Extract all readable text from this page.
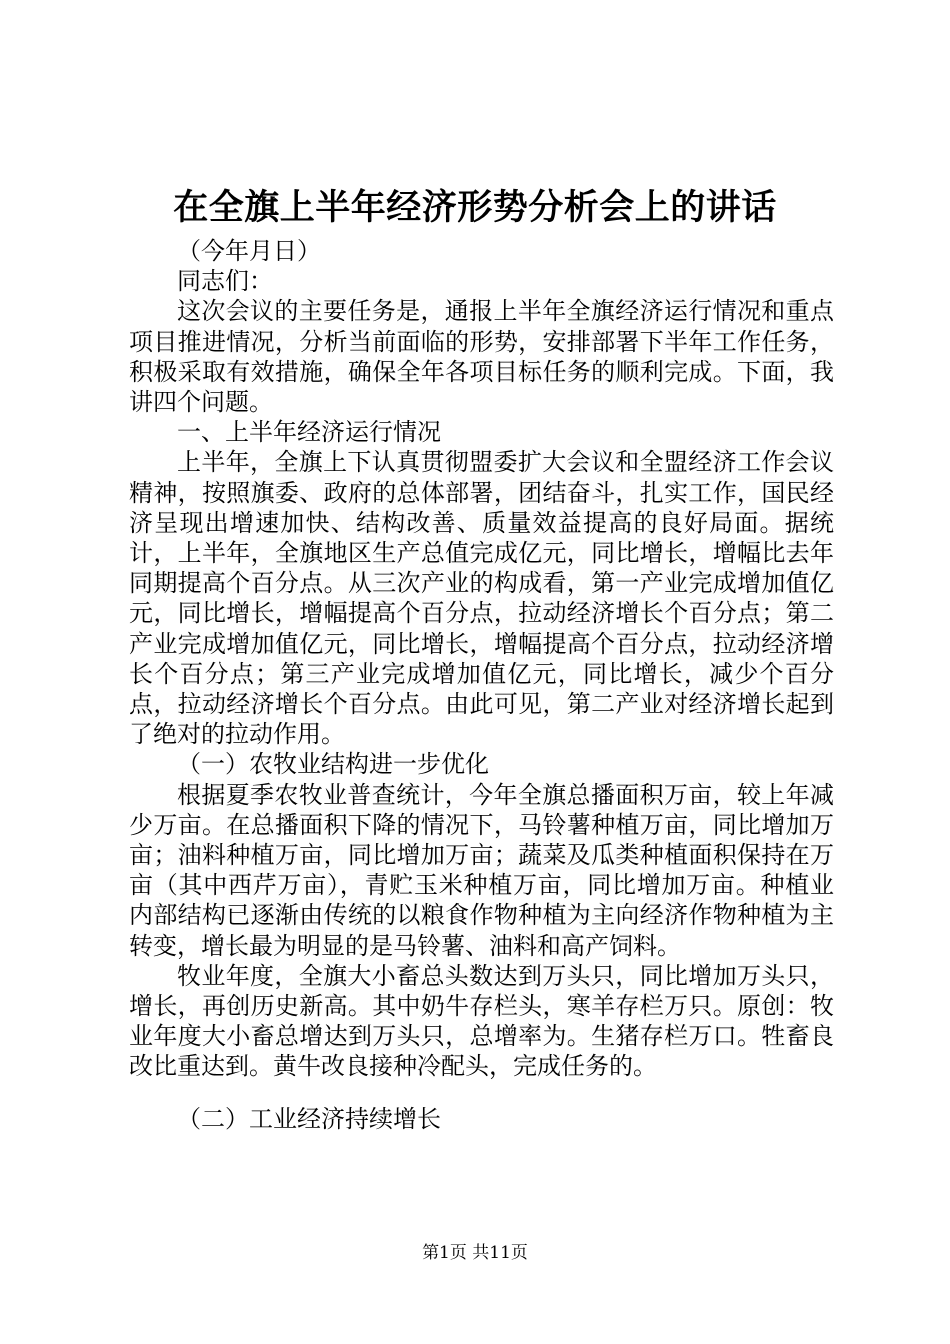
在全旗上半年经济形势分析会上的讲话

（今年月日）

同志们：

这次会议的主要任务是，通报上半年全旗经济运行情况和重点项目推进情况，分析当前面临的形势，安排部署下半年工作任务，积极采取有效措施，确保全年各项目标任务的顺利完成。下面，我讲四个问题。

一、上半年经济运行情况

上半年，全旗上下认真贯彻盟委扩大会议和全盟经济工作会议精神，按照旗委、政府的总体部署，团结奋斗，扎实工作，国民经济呈现出增速加快、结构改善、质量效益提高的良好局面。据统计，上半年，全旗地区生产总值完成亿元，同比增长，增幅比去年同期提高个百分点。从三次产业的构成看，第一产业完成增加值亿元，同比增长，增幅提高个百分点，拉动经济增长个百分点；第二产业完成增加值亿元，同比增长，增幅提高个百分点，拉动经济增长个百分点；第三产业完成增加值亿元，同比增长，减少个百分点，拉动经济增长个百分点。由此可见，第二产业对经济增长起到了绝对的拉动作用。

（一）农牧业结构进一步优化

根据夏季农牧业普查统计，今年全旗总播面积万亩，较上年减少万亩。在总播面积下降的情况下，马铃薯种植万亩，同比增加万亩；油料种植万亩，同比增加万亩；蔬菜及瓜类种植面积保持在万亩（其中西芹万亩），青贮玉米种植万亩，同比增加万亩。种植业内部结构已逐渐由传统的以粮食作物种植为主向经济作物种植为主转变，增长最为明显的是马铃薯、油料和高产饲料。

牧业年度，全旗大小畜总头数达到万头只，同比增加万头只，增长，再创历史新高。其中奶牛存栏头，寒羊存栏万只。原创：牧业年度大小畜总增达到万头只，总增率为。生猪存栏万口。牲畜良改比重达到。黄牛改良接种冷配头，完成任务的。

（二）工业经济持续增长

第1页 共11页
